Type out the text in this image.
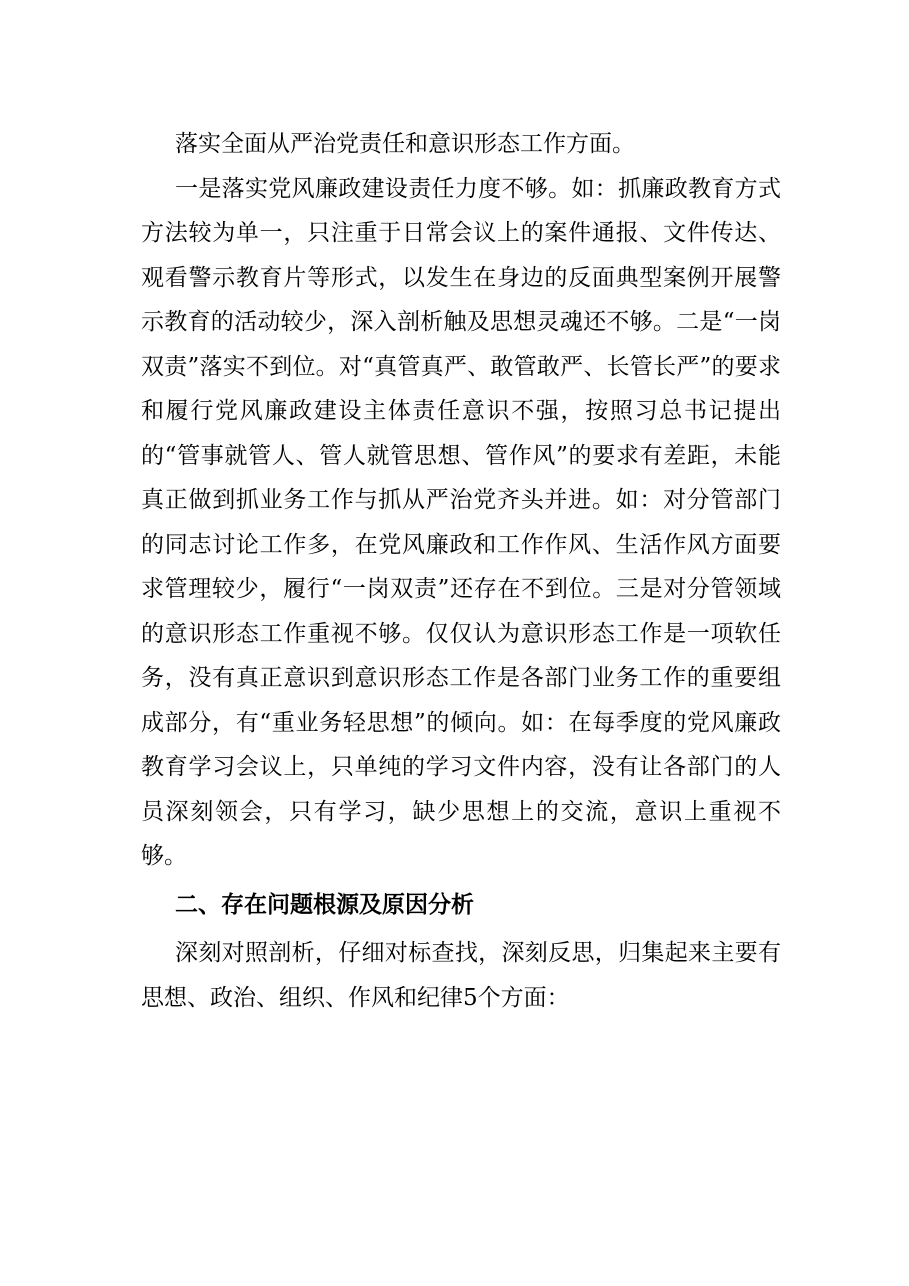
落实全面从严治党责任和意识形态工作方面。

一是落实党风廉政建设责任力度不够。如：抓廉政教育方式方法较为单一，只注重于日常会议上的案件通报、文件传达、观看警示教育片等形式，以发生在身边的反面典型案例开展警示教育的活动较少，深入剖析触及思想灵魂还不够。二是“一岗双责”落实不到位。对“真管真严、敢管敢严、长管长严”的要求和履行党风廉政建设主体责任意识不强，按照习总书记提出的“管事就管人、管人就管思想、管作风”的要求有差距，未能真正做到抓业务工作与抓从严治党齐头并进。如：对分管部门的同志讨论工作多，在党风廉政和工作作风、生活作风方面要求管理较少，履行“一岗双责”还存在不到位。三是对分管领域的意识形态工作重视不够。仅仅认为意识形态工作是一项软任务，没有真正意识到意识形态工作是各部门业务工作的重要组成部分，有“重业务轻思想”的倾向。如：在每季度的党风廉政教育学习会议上，只单纯的学习文件内容，没有让各部门的人员深刻领会，只有学习，缺少思想上的交流，意识上重视不够。

二、存在问题根源及原因分析

深刻对照剖析，仔细对标查找，深刻反思，归集起来主要有思想、政治、组织、作风和纪律5个方面：
